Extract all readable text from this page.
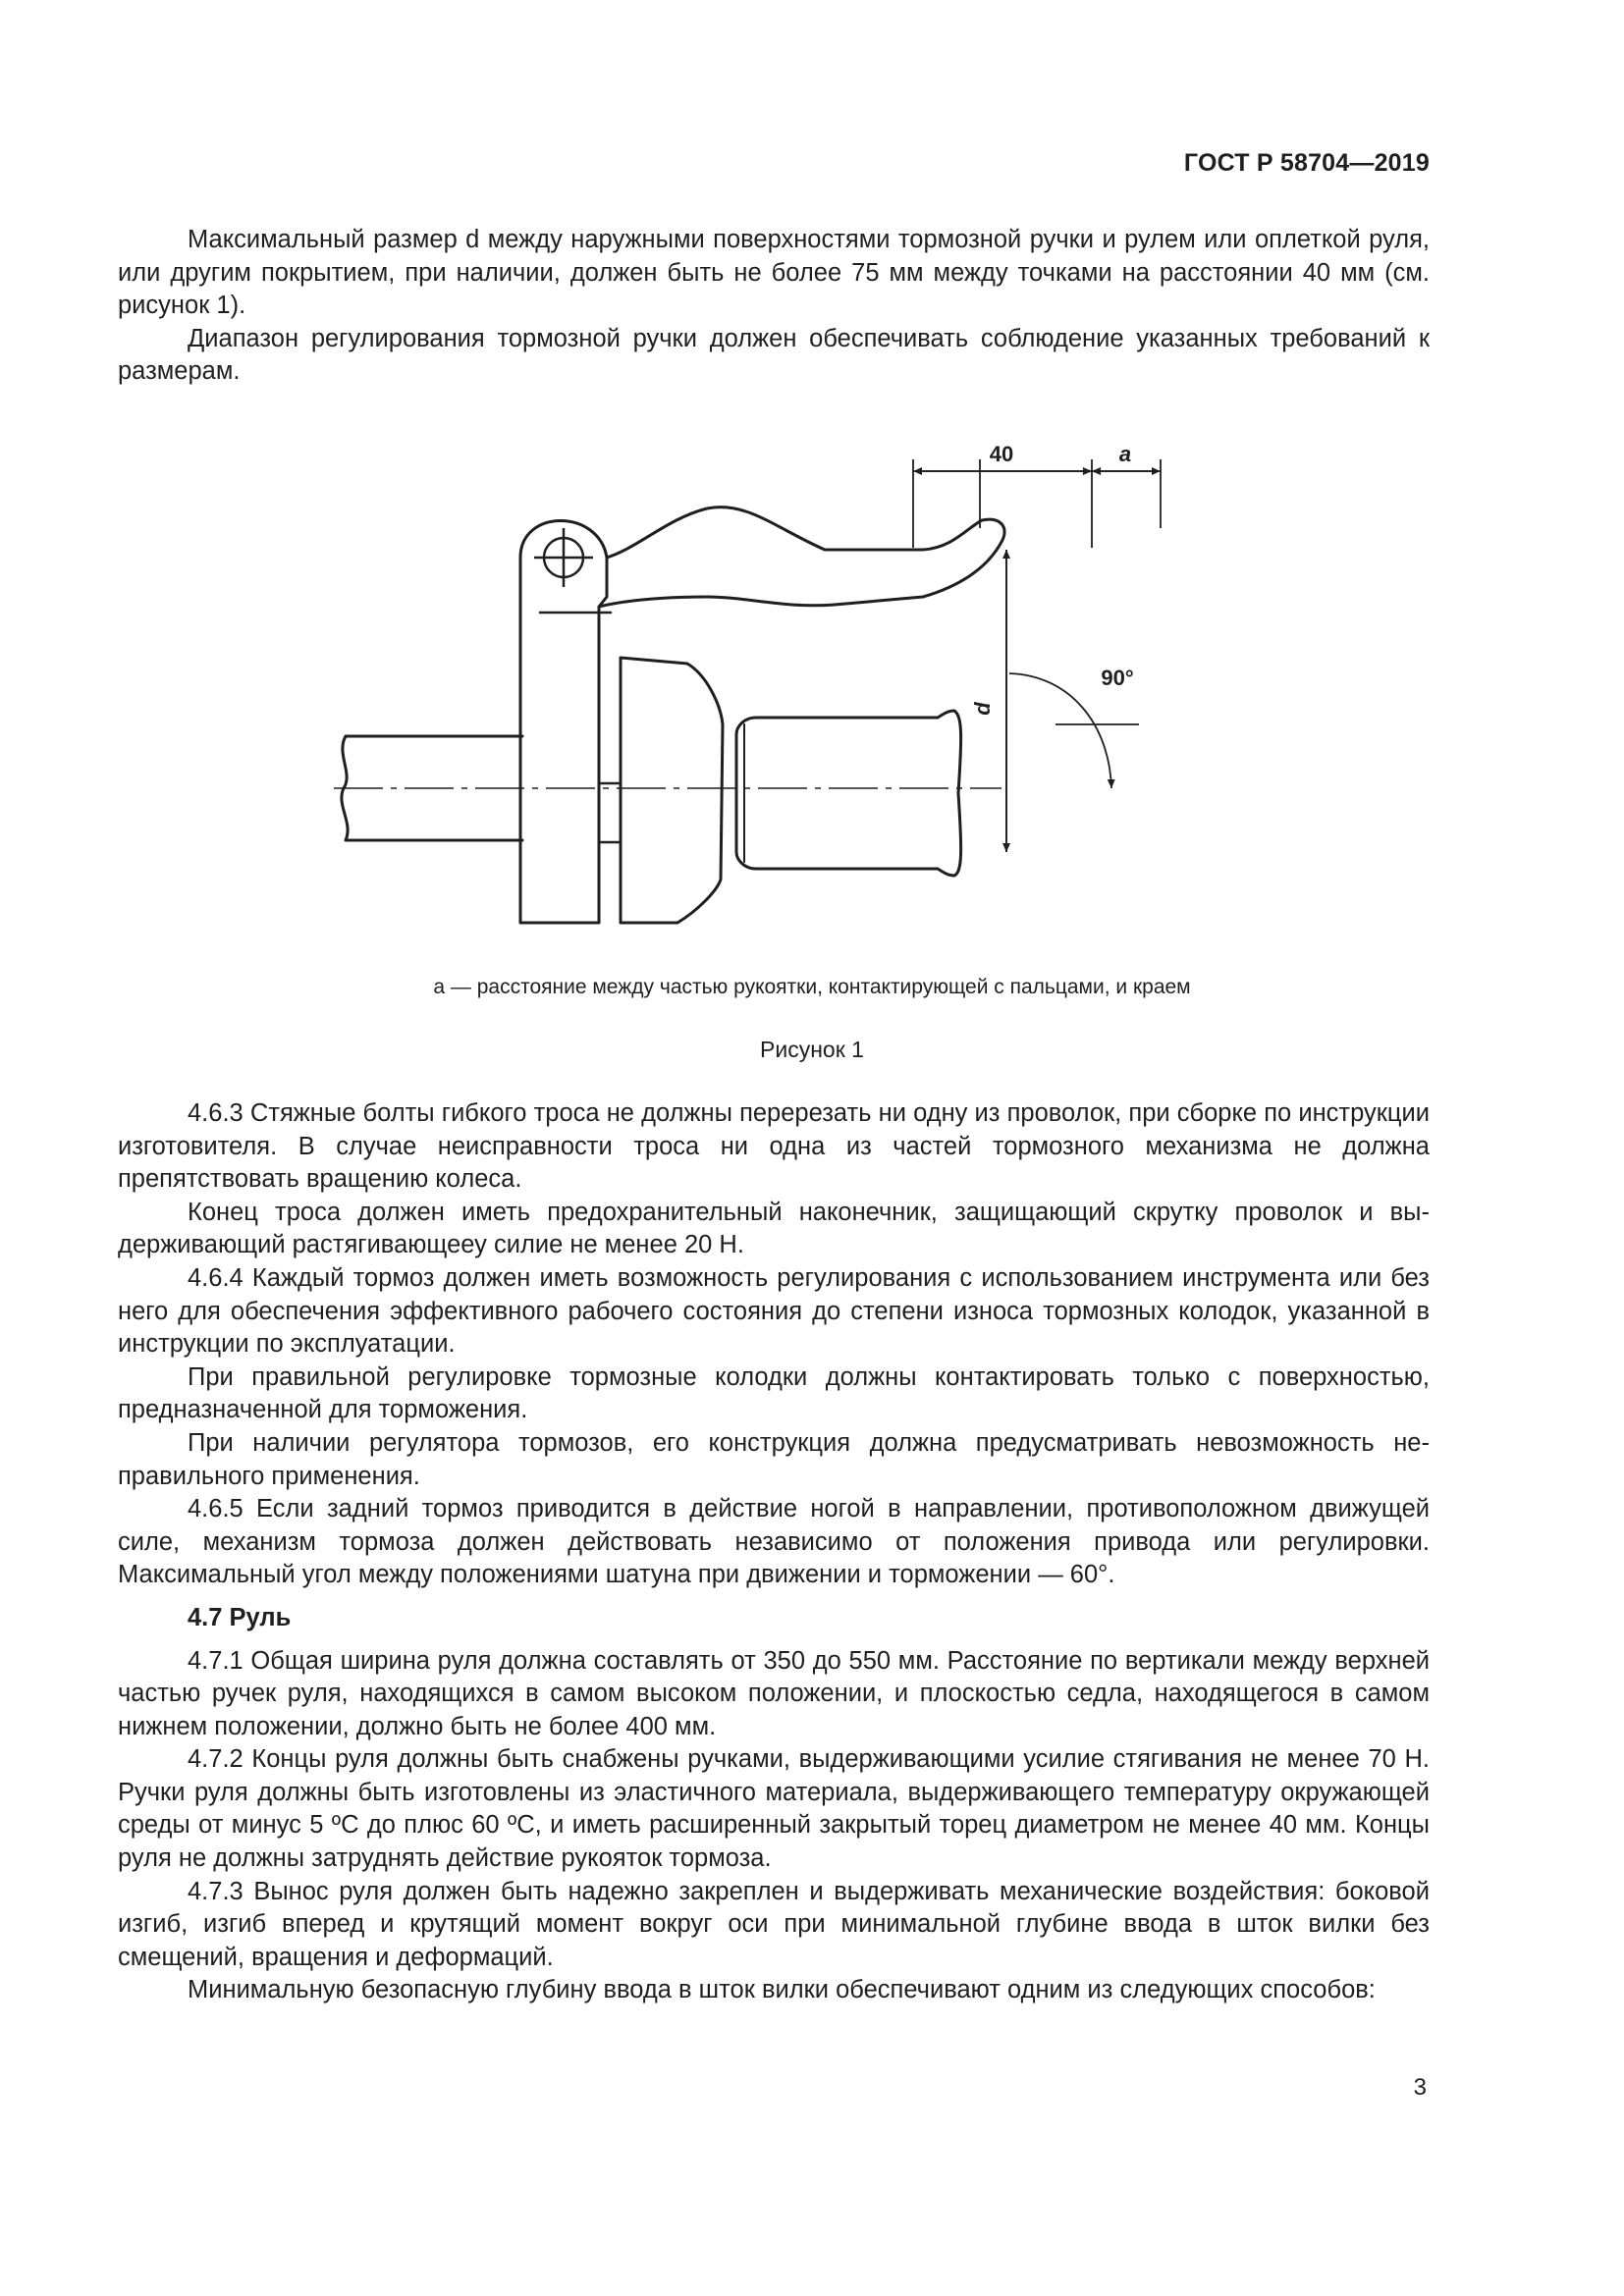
ГОСТ Р 58704—2019

Максимальный размер d между наружными поверхностями тормозной ручки и рулем или оплеткой руля, или другим покрытием, при наличии, должен быть не более 75 мм между точками на расстоянии 40 мм (см. рисунок 1).

Диапазон регулирования тормозной ручки должен обеспечивать соблюдение указанных требований к размерам.

40	a
d
90°
a — расстояние между частью рукоятки, контактирующей с пальцами, и краем
Рисунок 1

4.6.3 Стяжные болты гибкого троса не должны перерезать ни одну из проволок, при сборке по инструкции изготовителя. В случае неисправности троса ни одна из частей тормозного механизма не должна препятствовать вращению колеса.

Конец троса должен иметь предохранительный наконечник, защищающий скрутку проволок и выдерживающий растягивающееу силие не менее 20 Н.

4.6.4 Каждый тормоз должен иметь возможность регулирования с использованием инструмента или без него для обеспечения эффективного рабочего состояния до степени износа тормозных колодок, указанной в инструкции по эксплуатации.

При правильной регулировке тормозные колодки должны контактировать только с поверхностью, предназначенной для торможения.

При наличии регулятора тормозов, его конструкция должна предусматривать невозможность неправильного применения.

4.6.5 Если задний тормоз приводится в действие ногой в направлении, противоположном движущей силе, механизм тормоза должен действовать независимо от положения привода или регулировки. Максимальный угол между положениями шатуна при движении и торможении — 60°.

4.7 Руль

4.7.1 Общая ширина руля должна составлять от 350 до 550 мм. Расстояние по вертикали между верхней частью ручек руля, находящихся в самом высоком положении, и плоскостью седла, находящегося в самом нижнем положении, должно быть не более 400 мм.

4.7.2 Концы руля должны быть снабжены ручками, выдерживающими усилие стягивания не менее 70 Н. Ручки руля должны быть изготовлены из эластичного материала, выдерживающего температуру окружающей среды от минус 5 ºС до плюс 60 ºС, и иметь расширенный закрытый торец диаметром не менее 40 мм. Концы руля не должны затруднять действие рукояток тормоза.

4.7.3 Вынос руля должен быть надежно закреплен и выдерживать механические воздействия: боковой изгиб, изгиб вперед и крутящий момент вокруг оси при минимальной глубине ввода в шток вилки без смещений, вращения и деформаций.

Минимальную безопасную глубину ввода в шток вилки обеспечивают одним из следующих способов:

3
